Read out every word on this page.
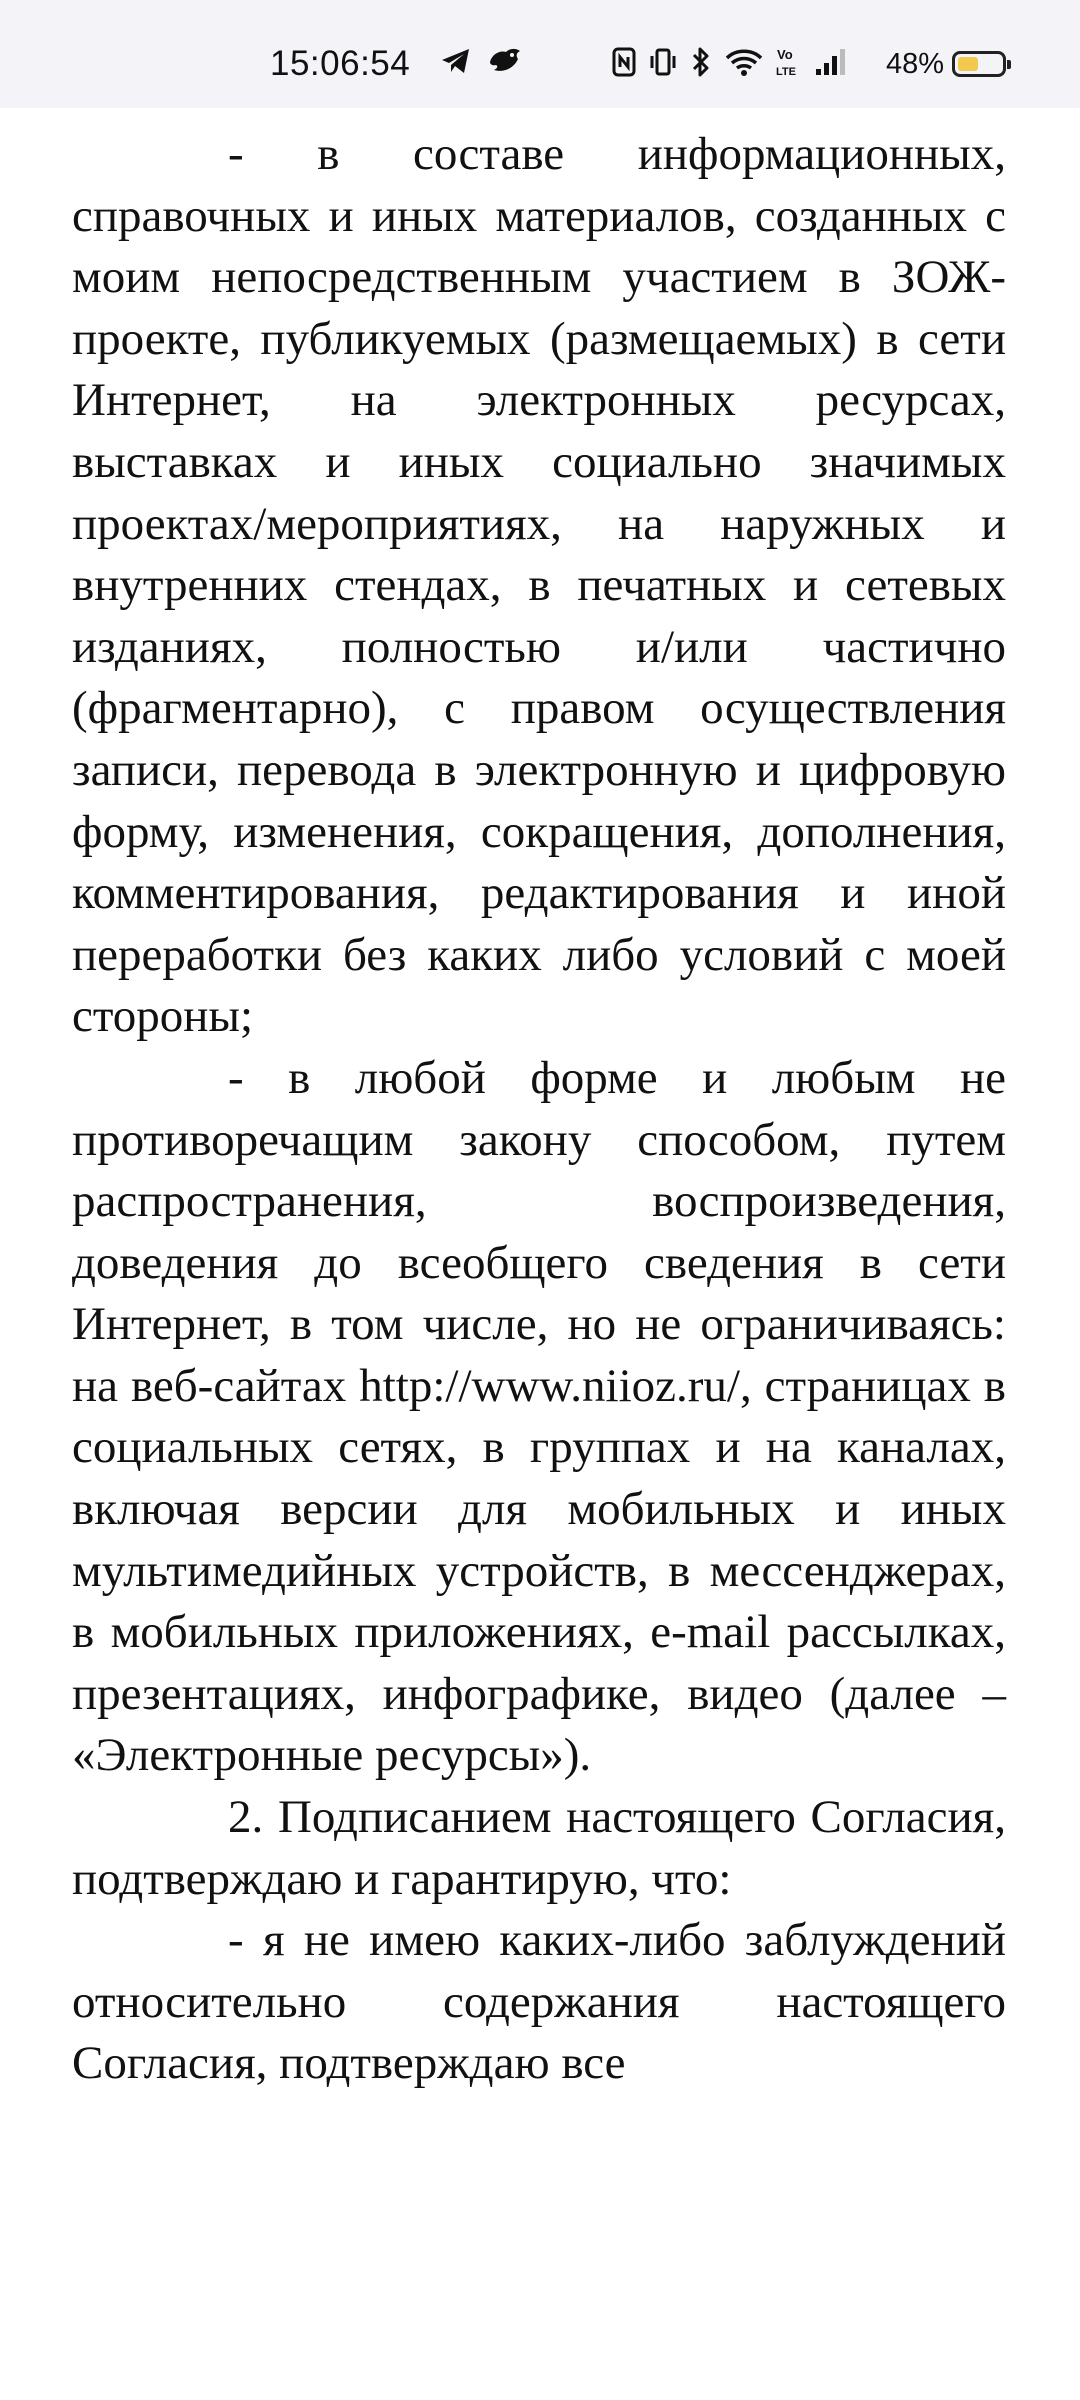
15:06:54	Vo
LTE	48%

- в составе информационных, справочных и иных материалов, созданных с моим непосредственным участием в ЗОЖ-проекте, публикуемых (размещаемых) в сети Интернет, на электронных ресурсах, выставках и иных социально значимых проектах/мероприятиях, на наружных и внутренних стендах, в печатных и сетевых изданиях, полностью и/или частично (фрагментарно), с правом осуществления записи, перевода в электронную и цифровую форму, изменения, сокращения, дополнения, комментирования, редактирования и иной переработки без каких либо условий с моей стороны;

- в любой форме и любым не противоречащим закону способом, путем распространения, воспроизведения, доведения до всеобщего сведения в сети Интернет, в том числе, но не ограничиваясь: на веб-сайтах http://www.niioz.ru/, страницах в социальных сетях, в группах и на каналах, включая версии для мобильных и иных мультимедийных устройств, в мессенджерах, в мобильных приложениях, e-mail рассылках, презентациях, инфографике, видео (далее – «Электронные ресурсы»).

2. Подписанием настоящего Согласия, подтверждаю и гарантирую, что:

- я не имею каких-либо заблуждений относительно содержания настоящего Согласия, подтверждаю все
